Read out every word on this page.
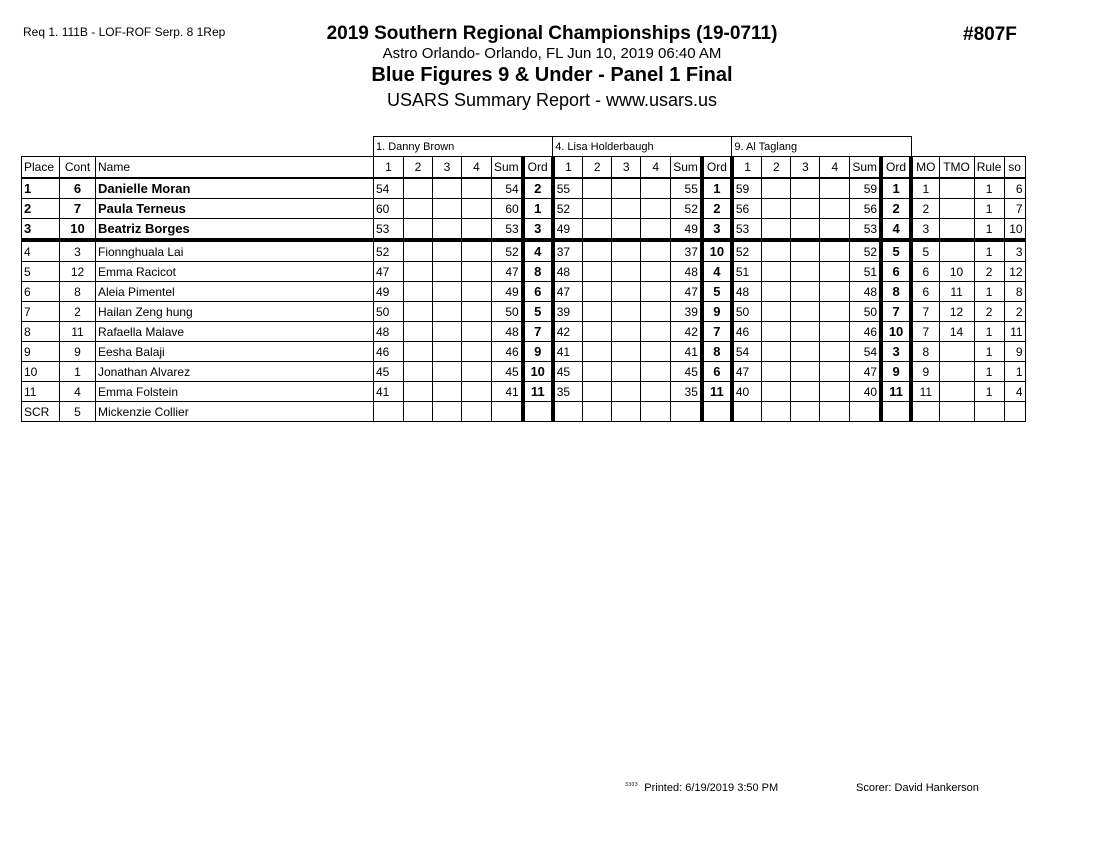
Req 1. 111B - LOF-ROF Serp. 8 1Rep	2019 Southern Regional Championships (19-0711)
Astro Orlando- Orlando, FL Jun 10, 2019 06:40 AM
Blue Figures 9 & Under - Panel 1 Final
USARS Summary Report - www.usars.us
#807F
			1. Danny Brown						4. Lisa Holderbaugh						9. Al Taglang									
Place	Cont	Name	1	2	3	4	Sum	Ord	1	2	3	4	Sum	Ord	1	2	3	4	Sum	Ord	MO	TMO	Rule	so
1	6	Danielle Moran	54				54	2	55				55	1	59				59	1	1		1	6
2	7	Paula Terneus	60				60	1	52				52	2	56				56	2	2		1	7
3	10	Beatriz Borges	53				53	3	49				49	3	53				53	4	3		1	10
4	3	Fionnghuala Lai	52				52	4	37				37	10	52				52	5	5		1	3
5	12	Emma Racicot	47				47	8	48				48	4	51				51	6	6	10	2	12
6	8	Aleia Pimentel	49				49	6	47				47	5	48				48	8	6	11	1	8
7	2	Hailan Zeng hung	50				50	5	39				39	9	50				50	7	7	12	2	2
8	11	Rafaella Malave	48				48	7	42				42	7	46				46	10	7	14	1	11
9	9	Eesha Balaji	46				46	9	41				41	8	54				54	3	8		1	9
10	1	Jonathan Alvarez	45				45	10	45				45	6	47				47	9	9		1	1
11	4	Emma Folstein	41				41	11	35				35	11	40				40	11	11		1	4
SCR	5	Mickenzie Collier																						
$^{3303}$ Printed: 6/19/2019 3:50 PM	Scorer: David Hankerson
